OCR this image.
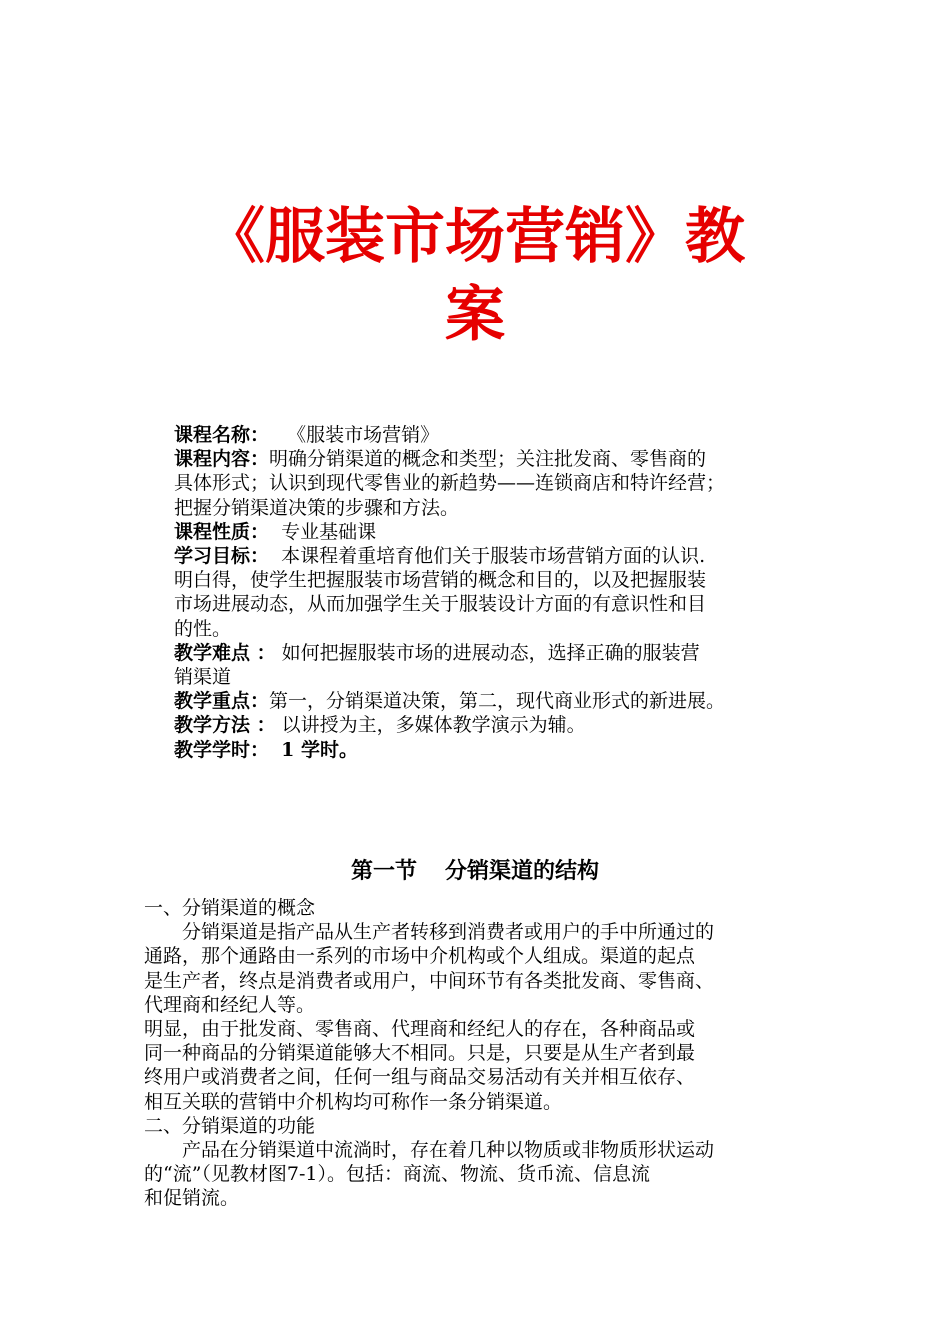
《服装市场营销》教
案

课程名称： 《服装市场营销》

课程内容：明确分销渠道的概念和类型；关注批发商、零售商的

具体形式；认识到现代零售业的新趋势——连锁商店和特许经营；

把握分销渠道决策的步骤和方法。

课程性质： 专业基础课

学习目标： 本课程着重培育他们关于服装市场营销方面的认识.

明白得，使学生把握服装市场营销的概念和目的，以及把握服装

市场进展动态，从而加强学生关于服装设计方面的有意识性和目

的性。

教学难点 ： 如何把握服装市场的进展动态，选择正确的服装营

销渠道

教学重点：第一，分销渠道决策，第二，现代商业形式的新进展。

教学方法 ： 以讲授为主，多媒体教学演示为辅。

教学学时： 1 学时。

第一节 分销渠道的结构

一、分销渠道的概念

分销渠道是指产品从生产者转移到消费者或用户的手中所通过的

通路，那个通路由一系列的市场中介机构或个人组成。渠道的起点

是生产者，终点是消费者或用户，中间环节有各类批发商、零售商、

代理商和经纪人等。

明显，由于批发商、零售商、代理商和经纪人的存在，各种商品或

同一种商品的分销渠道能够大不相同。只是，只要是从生产者到最

终用户或消费者之间，任何一组与商品交易活动有关并相互依存、

相互关联的营销中介机构均可称作一条分销渠道。

二、分销渠道的功能

产品在分销渠道中流淌时，存在着几种以物质或非物质形状运动

的“流”（见教材图7-1）。包括：商流、物流、货币流、信息流

和促销流。
